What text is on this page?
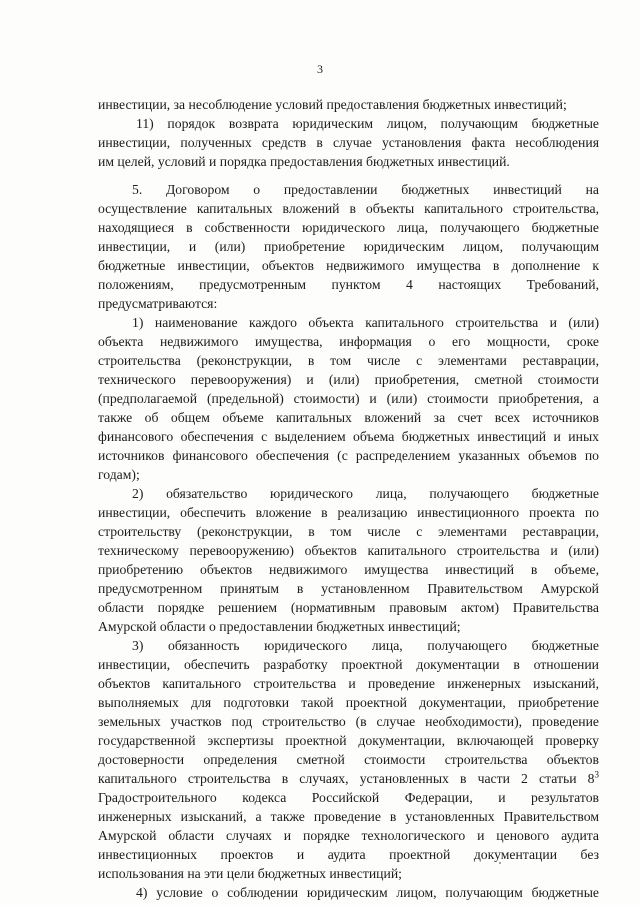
3
инвестиции, за несоблюдение условий предоставления бюджетных инвестиций;
11) порядок возврата юридическим лицом, получающим бюджетные
инвестиции, полученных средств в случае установления факта несоблюдения
им целей, условий и порядка предоставления бюджетных инвестиций.
5. Договором о предоставлении бюджетных инвестиций на
осуществление капитальных вложений в объекты капитального строительства,
находящиеся в собственности юридического лица, получающего бюджетные
инвестиции, и (или) приобретение юридическим лицом, получающим
бюджетные инвестиции, объектов недвижимого имущества в дополнение к
положениям, предусмотренным пунктом 4 настоящих Требований,
предусматриваются:
1) наименование каждого объекта капитального строительства и (или)
объекта недвижимого имущества, информация о его мощности, сроке
строительства (реконструкции, в том числе с элементами реставрации,
технического перевооружения) и (или) приобретения, сметной стоимости
(предполагаемой (предельной) стоимости) и (или) стоимости приобретения, а
также об общем объеме капитальных вложений за счет всех источников
финансового обеспечения с выделением объема бюджетных инвестиций и иных
источников финансового обеспечения (с распределением указанных объемов по
годам);
2) обязательство юридического лица, получающего бюджетные
инвестиции, обеспечить вложение в реализацию инвестиционного проекта по
строительству (реконструкции, в том числе с элементами реставрации,
техническому перевооружению) объектов капитального строительства и (или)
приобретению объектов недвижимого имущества инвестиций в объеме,
предусмотренном принятым в установленном Правительством Амурской
области порядке решением (нормативным правовым актом) Правительства
Амурской области о предоставлении бюджетных инвестиций;
3) обязанность юридического лица, получающего бюджетные
инвестиции, обеспечить разработку проектной документации в отношении
объектов капитального строительства и проведение инженерных изысканий,
выполняемых для подготовки такой проектной документации, приобретение
земельных участков под строительство (в случае необходимости), проведение
государственной экспертизы проектной документации, включающей проверку
достоверности определения сметной стоимости строительства объектов
капитального строительства в случаях, установленных в части 2 статьи $8^3$
Градостроительного кодекса Российской Федерации, и результатов
инженерных изысканий, а также проведение в установленных Правительством
Амурской области случаях и порядке технологического и ценового аудита
инвестиционных проектов и аудита проектной документации без
использования на эти цели бюджетных инвестиций;
4) условие о соблюдении юридическим лицом, получающим бюджетные
